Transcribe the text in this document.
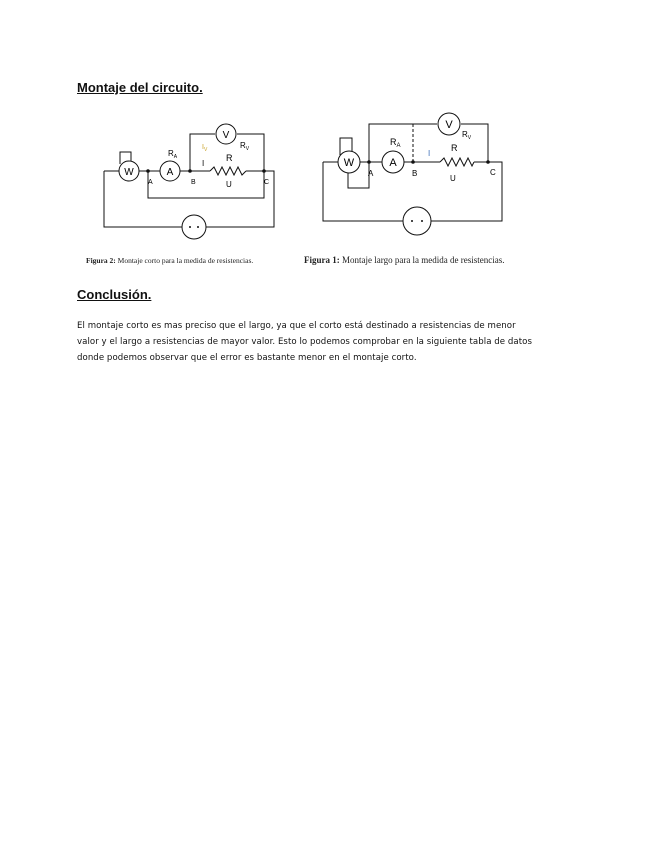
Montaje del circuito.
W	A
V
$R_A$
$R_V$
$I_V$
I
R
U
A	B	C
W	A
V
$R_A$
$R_V$
I
R
U
A	B	C
Figura 2: Montaje corto para la medida de resistencias.	Figura 1: Montaje largo para la medida de resistencias.
Conclusión.

El montaje corto es mas preciso que el largo, ya que el corto está destinado a resistencias de menor
valor y el largo a resistencias de mayor valor. Esto lo podemos comprobar en la siguiente tabla de datos
donde podemos observar que el error es bastante menor en el montaje corto.
